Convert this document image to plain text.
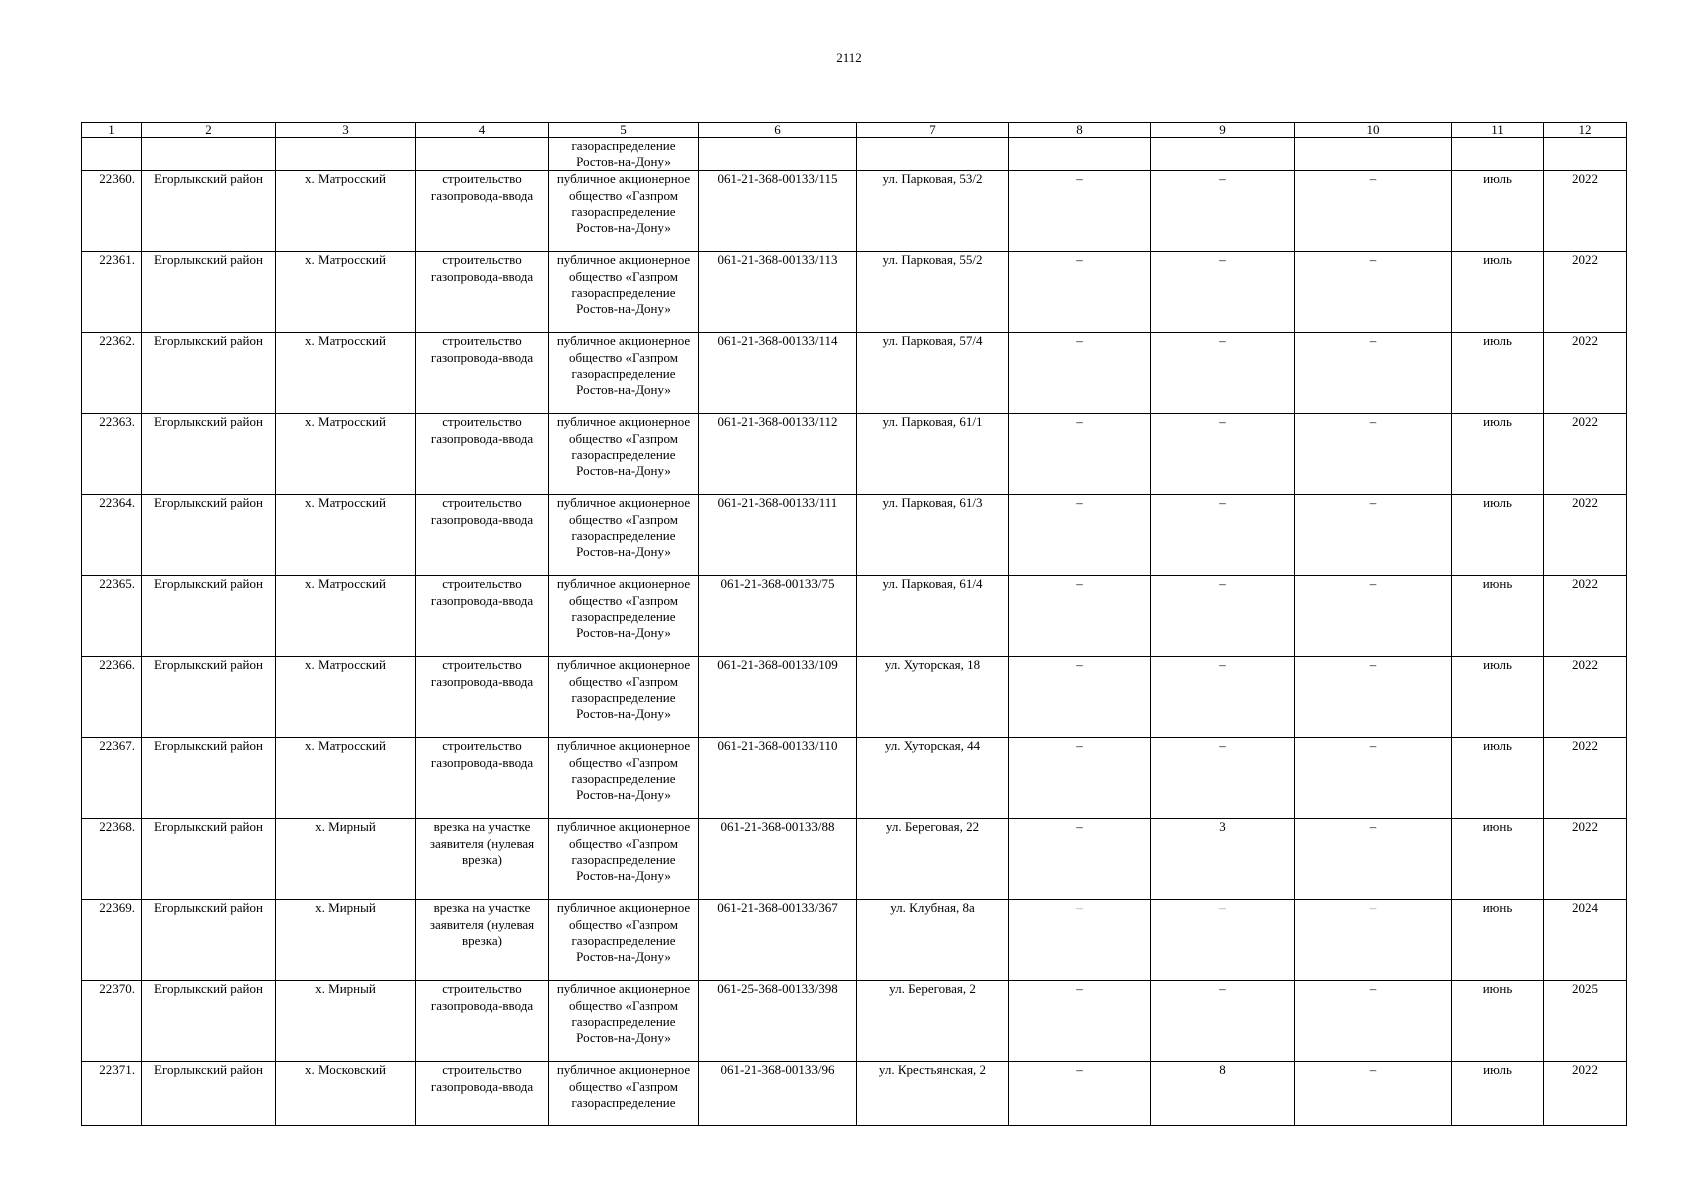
2112
1	2	3	4	5	6	7	8	9	10	11	12
				газораспределение Ростов-на-Дону»							
22360.	Егорлыкский район	х. Матросский	строительство газопровода-ввода	публичное акционерное общество «Газпром газораспределение Ростов-на-Дону»	061-21-368-00133/115	ул. Парковая, 53/2	–	–	–	июль	2022
22361.	Егорлыкский район	х. Матросский	строительство газопровода-ввода	публичное акционерное общество «Газпром газораспределение Ростов-на-Дону»	061-21-368-00133/113	ул. Парковая, 55/2	–	–	–	июль	2022
22362.	Егорлыкский район	х. Матросский	строительство газопровода-ввода	публичное акционерное общество «Газпром газораспределение Ростов-на-Дону»	061-21-368-00133/114	ул. Парковая, 57/4	–	–	–	июль	2022
22363.	Егорлыкский район	х. Матросский	строительство газопровода-ввода	публичное акционерное общество «Газпром газораспределение Ростов-на-Дону»	061-21-368-00133/112	ул. Парковая, 61/1	–	–	–	июль	2022
22364.	Егорлыкский район	х. Матросский	строительство газопровода-ввода	публичное акционерное общество «Газпром газораспределение Ростов-на-Дону»	061-21-368-00133/111	ул. Парковая, 61/3	–	–	–	июль	2022
22365.	Егорлыкский район	х. Матросский	строительство газопровода-ввода	публичное акционерное общество «Газпром газораспределение Ростов-на-Дону»	061-21-368-00133/75	ул. Парковая, 61/4	–	–	–	июнь	2022
22366.	Егорлыкский район	х. Матросский	строительство газопровода-ввода	публичное акционерное общество «Газпром газораспределение Ростов-на-Дону»	061-21-368-00133/109	ул. Хуторская, 18	–	–	–	июль	2022
22367.	Егорлыкский район	х. Матросский	строительство газопровода-ввода	публичное акционерное общество «Газпром газораспределение Ростов-на-Дону»	061-21-368-00133/110	ул. Хуторская, 44	–	–	–	июль	2022
22368.	Егорлыкский район	х. Мирный	врезка на участке заявителя (нулевая врезка)	публичное акционерное общество «Газпром газораспределение Ростов-на-Дону»	061-21-368-00133/88	ул. Береговая, 22	–	3	–	июнь	2022
22369.	Егорлыкский район	х. Мирный	врезка на участке заявителя (нулевая врезка)	публичное акционерное общество «Газпром газораспределение Ростов-на-Дону»	061-21-368-00133/367	ул. Клубная, 8а	–	–	–	июнь	2024
22370.	Егорлыкский район	х. Мирный	строительство газопровода-ввода	публичное акционерное общество «Газпром газораспределение Ростов-на-Дону»	061-25-368-00133/398	ул. Береговая, 2	–	–	–	июнь	2025
22371.	Егорлыкский район	х. Московский	строительство газопровода-ввода	публичное акционерное общество «Газпром газораспределение	061-21-368-00133/96	ул. Крестьянская, 2	–	8	–	июль	2022
